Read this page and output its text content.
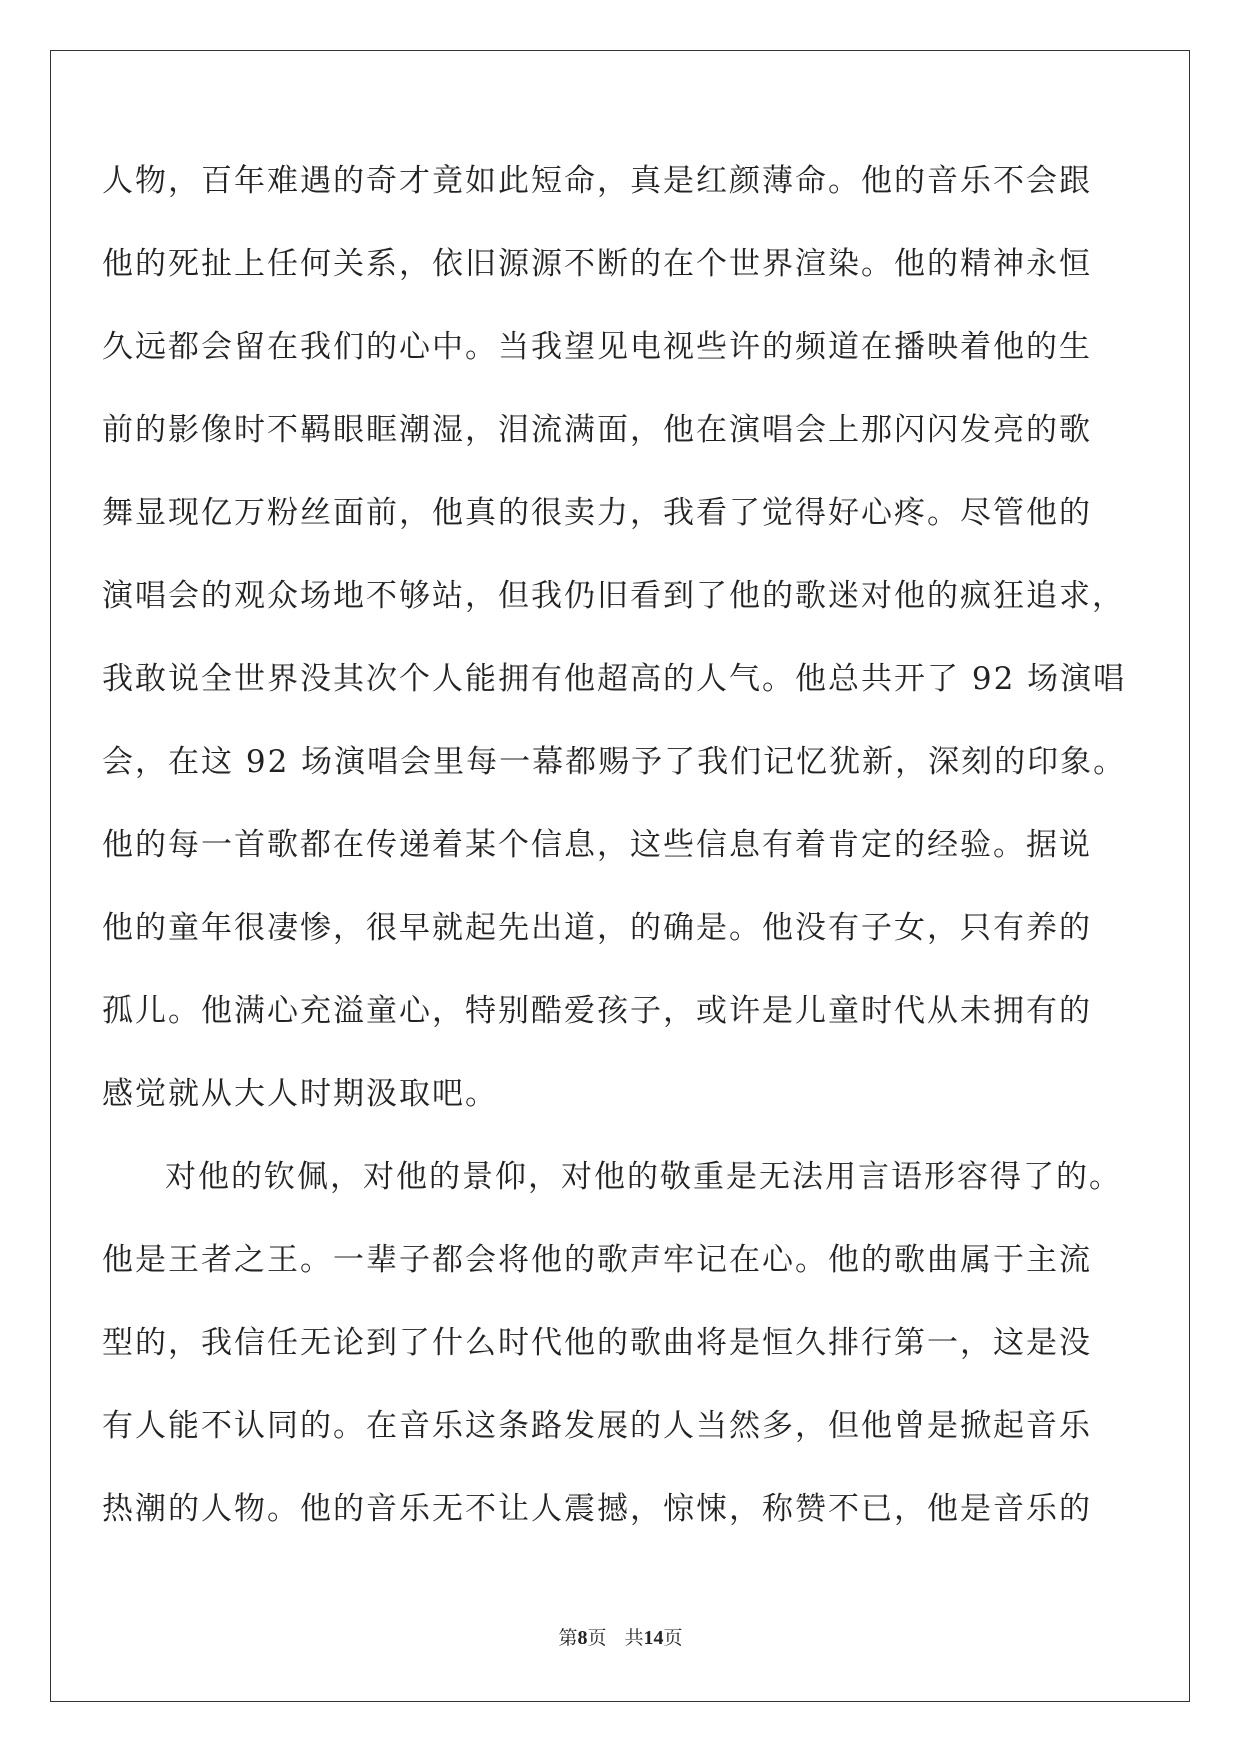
人物，百年难遇的奇才竟如此短命，真是红颜薄命。他的音乐不会跟
他的死扯上任何关系，依旧源源不断的在个世界渲染。他的精神永恒
久远都会留在我们的心中。当我望见电视些许的频道在播映着他的生
前的影像时不羁眼眶潮湿，泪流满面，他在演唱会上那闪闪发亮的歌
舞显现亿万粉丝面前，他真的很卖力，我看了觉得好心疼。尽管他的
演唱会的观众场地不够站，但我仍旧看到了他的歌迷对他的疯狂追求，
我敢说全世界没其次个人能拥有他超高的人气。他总共开了 92 场演唱
会，在这 92 场演唱会里每一幕都赐予了我们记忆犹新，深刻的印象。
他的每一首歌都在传递着某个信息，这些信息有着肯定的经验。据说
他的童年很凄惨，很早就起先出道，的确是。他没有子女，只有养的
孤儿。他满心充溢童心，特别酷爱孩子，或许是儿童时代从未拥有的
感觉就从大人时期汲取吧。
对他的钦佩，对他的景仰，对他的敬重是无法用言语形容得了的。
他是王者之王。一辈子都会将他的歌声牢记在心。他的歌曲属于主流
型的，我信任无论到了什么时代他的歌曲将是恒久排行第一，这是没
有人能不认同的。在音乐这条路发展的人当然多，但他曾是掀起音乐
热潮的人物。他的音乐无不让人震撼，惊悚，称赞不已，他是音乐的
第8页 共14页
